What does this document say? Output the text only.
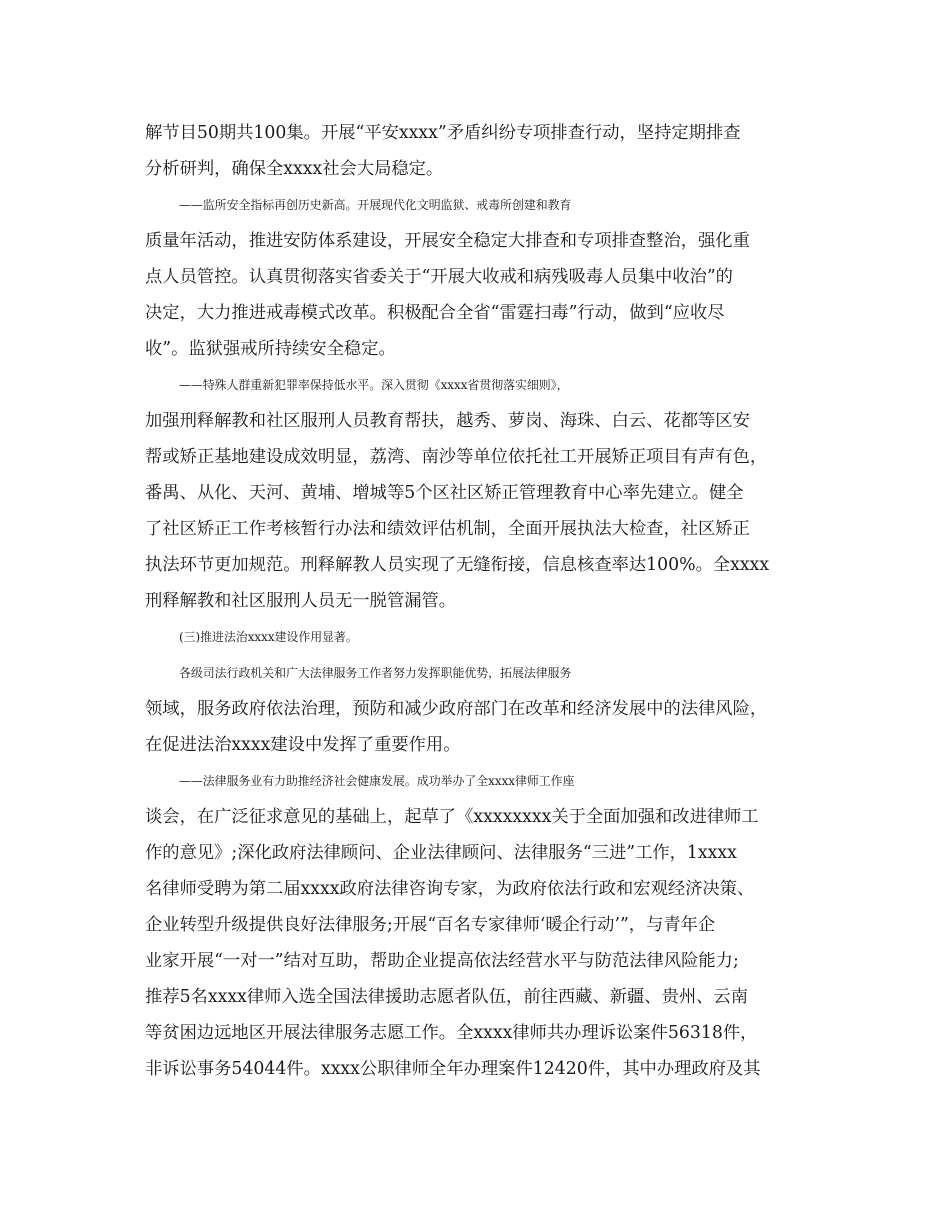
解节目50期共100集。开展“平安xxxx”矛盾纠纷专项排查行动，坚持定期排查
分析研判，确保全xxxx社会大局稳定。
——监所安全指标再创历史新高。开展现代化文明监狱、戒毒所创建和教育
质量年活动，推进安防体系建设，开展安全稳定大排查和专项排查整治，强化重
点人员管控。认真贯彻落实省委关于“开展大收戒和病残吸毒人员集中收治”的
决定，大力推进戒毒模式改革。积极配合全省“雷霆扫毒”行动，做到“应收尽
收”。监狱强戒所持续安全稳定。
——特殊人群重新犯罪率保持低水平。深入贯彻《xxxx省贯彻落实细则》，
加强刑释解教和社区服刑人员教育帮扶，越秀、萝岗、海珠、白云、花都等区安
帮或矫正基地建设成效明显，荔湾、南沙等单位依托社工开展矫正项目有声有色，
番禺、从化、天河、黄埔、增城等5个区社区矫正管理教育中心率先建立。健全
了社区矫正工作考核暂行办法和绩效评估机制，全面开展执法大检查，社区矫正
执法环节更加规范。刑释解教人员实现了无缝衔接，信息核查率达100%。全xxxx
刑释解教和社区服刑人员无一脱管漏管。
(三)推进法治xxxx建设作用显著。
各级司法行政机关和广大法律服务工作者努力发挥职能优势，拓展法律服务
领域，服务政府依法治理，预防和减少政府部门在改革和经济发展中的法律风险，
在促进法治xxxx建设中发挥了重要作用。
——法律服务业有力助推经济社会健康发展。成功举办了全xxxx律师工作座
谈会，在广泛征求意见的基础上，起草了《xxxxxxxx关于全面加强和改进律师工
作的意见》;深化政府法律顾问、企业法律顾问、法律服务“三进”工作，1xxxx
名律师受聘为第二届xxxx政府法律咨询专家，为政府依法行政和宏观经济决策、
企业转型升级提供良好法律服务;开展“百名专家律师‘暖企行动’”，与青年企
业家开展“一对一”结对互助，帮助企业提高依法经营水平与防范法律风险能力;
推荐5名xxxx律师入选全国法律援助志愿者队伍，前往西藏、新疆、贵州、云南
等贫困边远地区开展法律服务志愿工作。全xxxx律师共办理诉讼案件56318件，
非诉讼事务54044件。xxxx公职律师全年办理案件12420件，其中办理政府及其
